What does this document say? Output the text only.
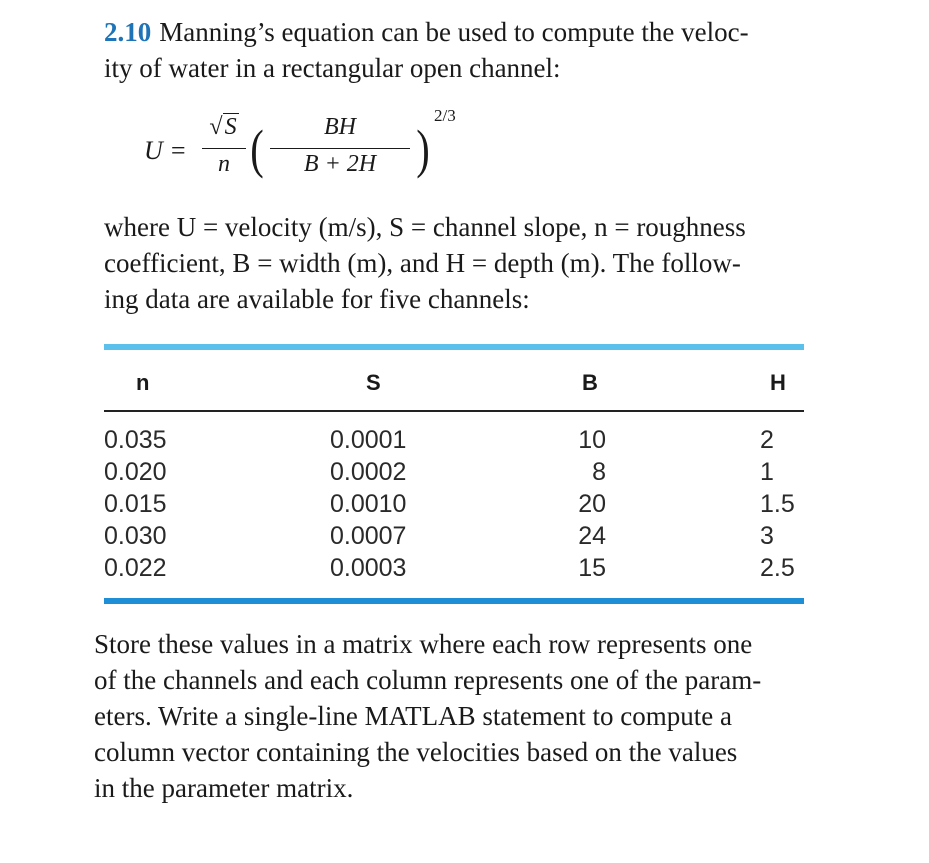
2.10 Manning’s equation can be used to compute the veloc-
ity of water in a rectangular open channel:

U =
√S
n (	BH
B + 2H )
2/3

where U = velocity (m/s), S = channel slope, n = roughness
coefficient, B = width (m), and H = depth (m). The follow-
ing data are available for five channels:

n	S	B	H
0.035	0.0001	10	2
0.020	0.0002	8	1
0.015	0.0010	20	1.5
0.030	0.0007	24	3
0.022	0.0003	15	2.5

Store these values in a matrix where each row represents one
of the channels and each column represents one of the param-
eters. Write a single-line MATLAB statement to compute a
column vector containing the velocities based on the values
in the parameter matrix.
